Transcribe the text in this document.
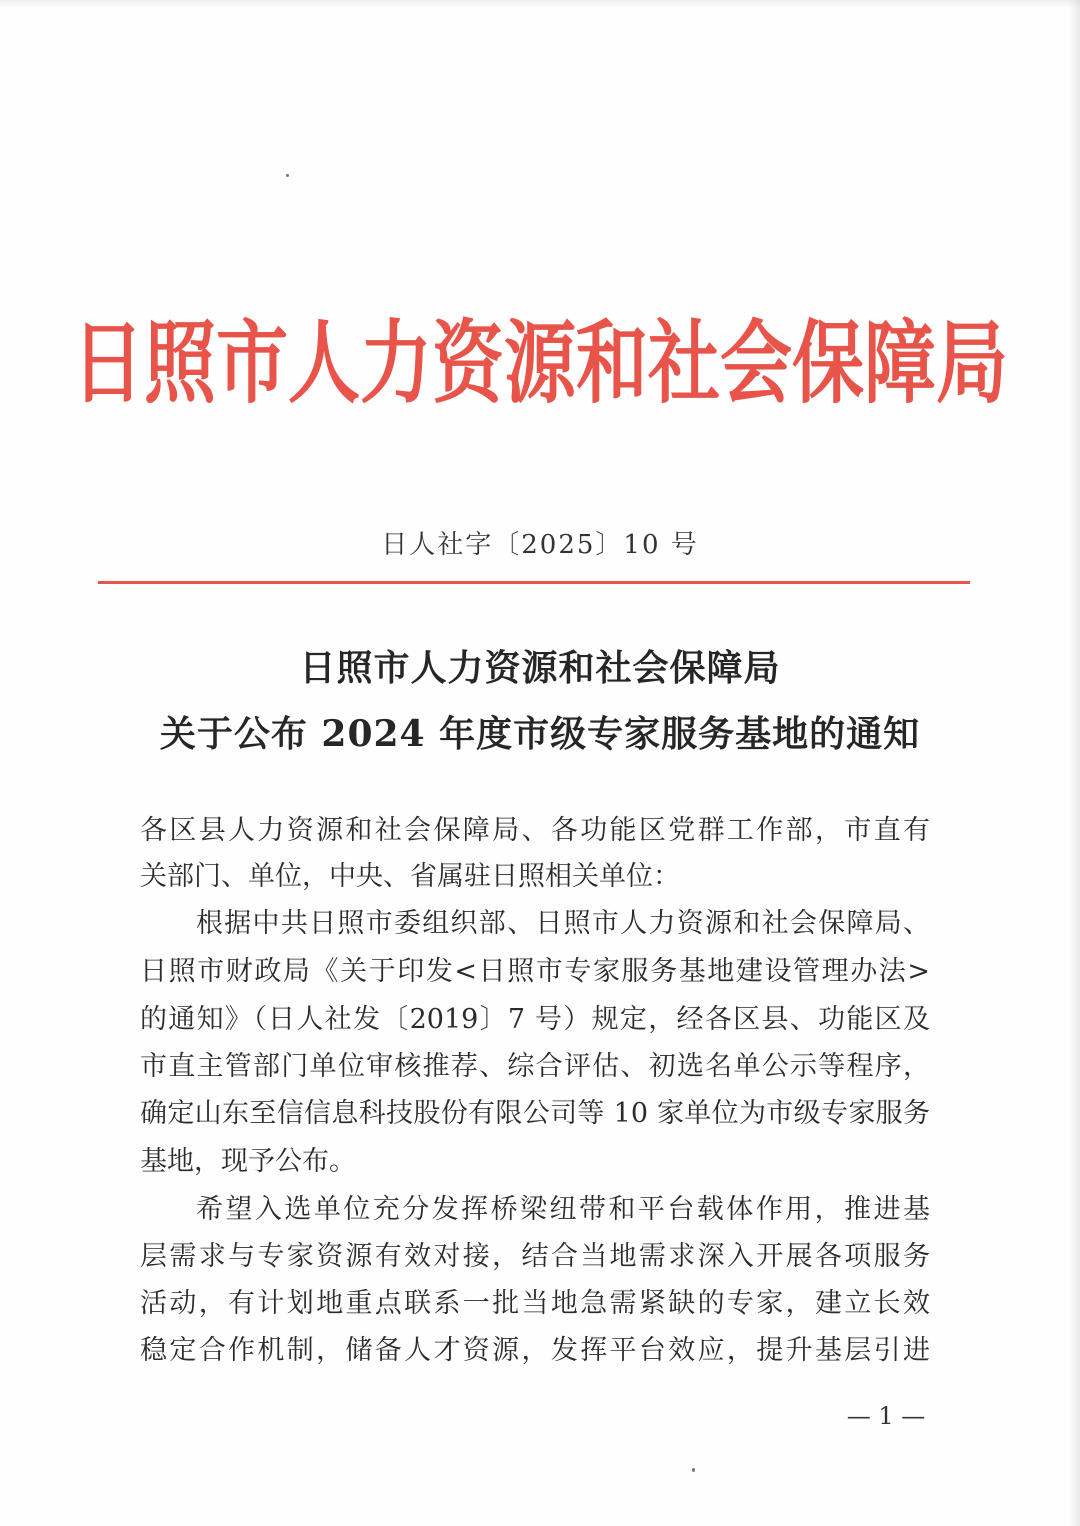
日照市人力资源和社会保障局
日人社字〔2025〕10 号
日照市人力资源和社会保障局
关于公布 2024 年度市级专家服务基地的通知
各区县人力资源和社会保障局、各功能区党群工作部，市直有
关部门、单位，中央、省属驻日照相关单位：
根据中共日照市委组织部、日照市人力资源和社会保障局、
日照市财政局《关于印发<日照市专家服务基地建设管理办法>
的通知》（日人社发〔2019〕7 号）规定，经各区县、功能区及
市直主管部门单位审核推荐、综合评估、初选名单公示等程序，
确定山东至信信息科技股份有限公司等 10 家单位为市级专家服务
基地，现予公布。
希望入选单位充分发挥桥梁纽带和平台载体作用，推进基
层需求与专家资源有效对接，结合当地需求深入开展各项服务
活动，有计划地重点联系一批当地急需紧缺的专家，建立长效
稳定合作机制，储备人才资源，发挥平台效应，提升基层引进
— 1 —
